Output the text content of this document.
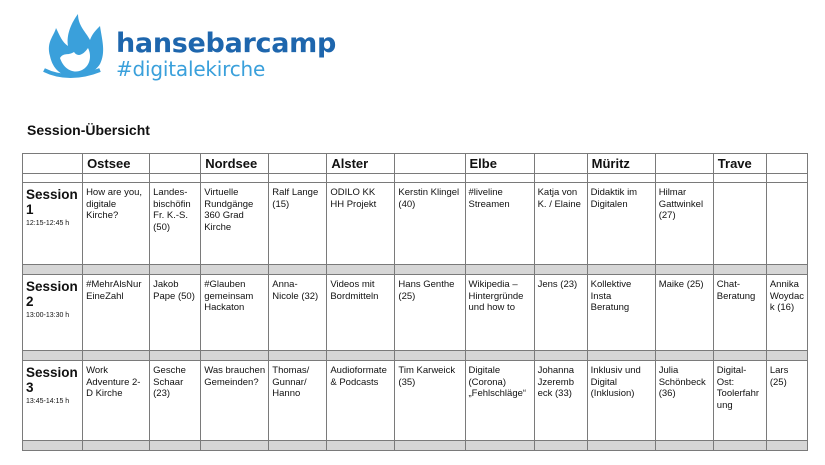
hansebarcamp
#digitalekirche
Session-Übersicht
	Ostsee		Nordsee		Alster		Elbe		Müritz		Trave	

Session 1
12:15-12:45 h	How are you, digitale Kirche?	Landes-bischöfin Fr. K.-S. (50)	Virtuelle Rundgänge 360 Grad Kirche	Ralf Lange (15)	ODILO KK HH Projekt	Kerstin Klingel (40)	#liveline Streamen	Katja von K. / Elaine	Didaktik im Digitalen	Hilmar Gattwinkel (27)		

Session 2
13:00-13:30 h	#MehrAlsNur EineZahl	Jakob Pape (50)	#Glauben gemeinsam Hackaton	Anna-Nicole (32)	Videos mit Bordmitteln	Hans Genthe (25)	Wikipedia – Hintergründe und how to	Jens (23)	Kollektive Insta Beratung	Maike (25)	Chat-Beratung	Annika Woydack (16)

Session 3
13:45-14:15 h	Work Adventure 2-D Kirche	Gesche Schaar (23)	Was brauchen Gemeinden?	Thomas/ Gunnar/ Hanno	Audioformate & Podcasts	Tim Karweick (35)	Digitale (Corona) „Fehlschläge“	Johanna Jzeremb eck (33)	Inklusiv und Digital (Inklusion)	Julia Schönbeck (36)	Digital-Ost: Toolerfahrung	Lars (25)
